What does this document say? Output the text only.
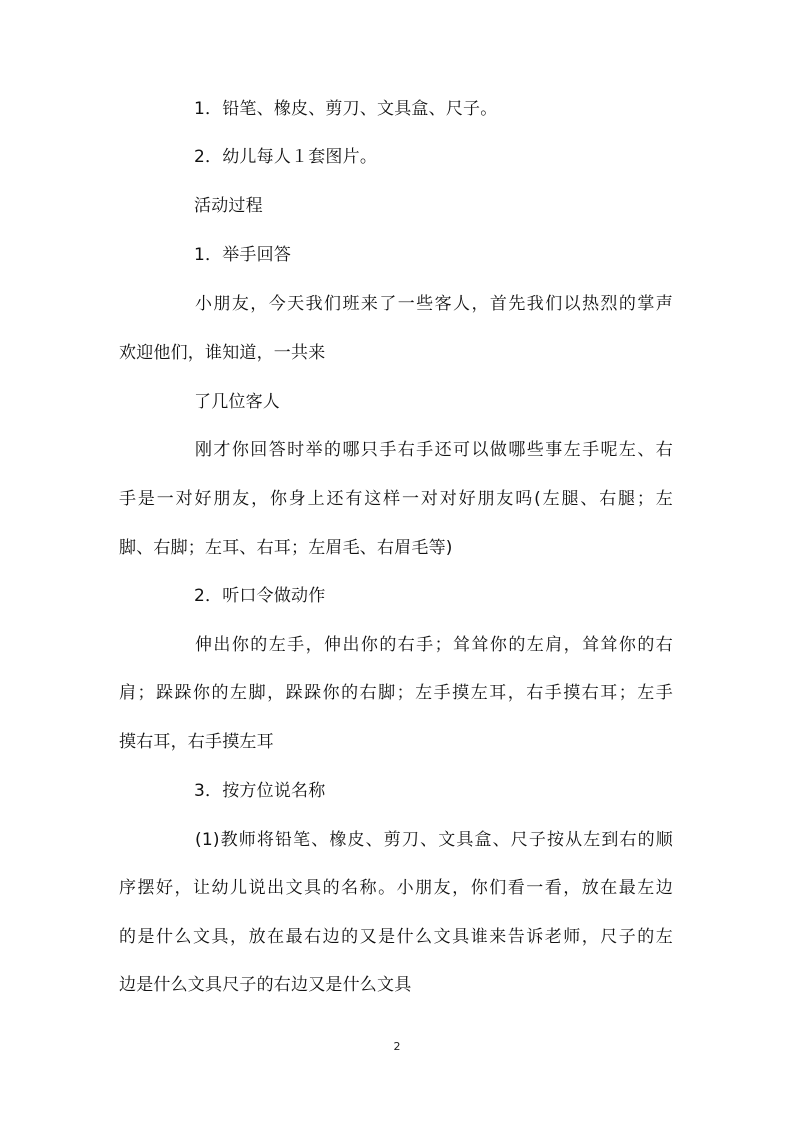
1．铅笔、橡皮、剪刀、文具盒、尺子。
2．幼儿每人１套图片。
活动过程
1．举手回答
小朋友，今天我们班来了一些客人，首先我们以热烈的掌声
欢迎他们，谁知道，一共来
了几位客人
刚才你回答时举的哪只手右手还可以做哪些事左手呢左、右
手是一对好朋友，你身上还有这样一对对好朋友吗(左腿、右腿；左
脚、右脚；左耳、右耳；左眉毛、右眉毛等)
2．听口令做动作
伸出你的左手，伸出你的右手；耸耸你的左肩，耸耸你的右
肩；跺跺你的左脚，跺跺你的右脚；左手摸左耳，右手摸右耳；左手
摸右耳，右手摸左耳
3．按方位说名称
(1)教师将铅笔、橡皮、剪刀、文具盒、尺子按从左到右的顺
序摆好，让幼儿说出文具的名称。小朋友，你们看一看，放在最左边
的是什么文具，放在最右边的又是什么文具谁来告诉老师，尺子的左
边是什么文具尺子的右边又是什么文具
2
